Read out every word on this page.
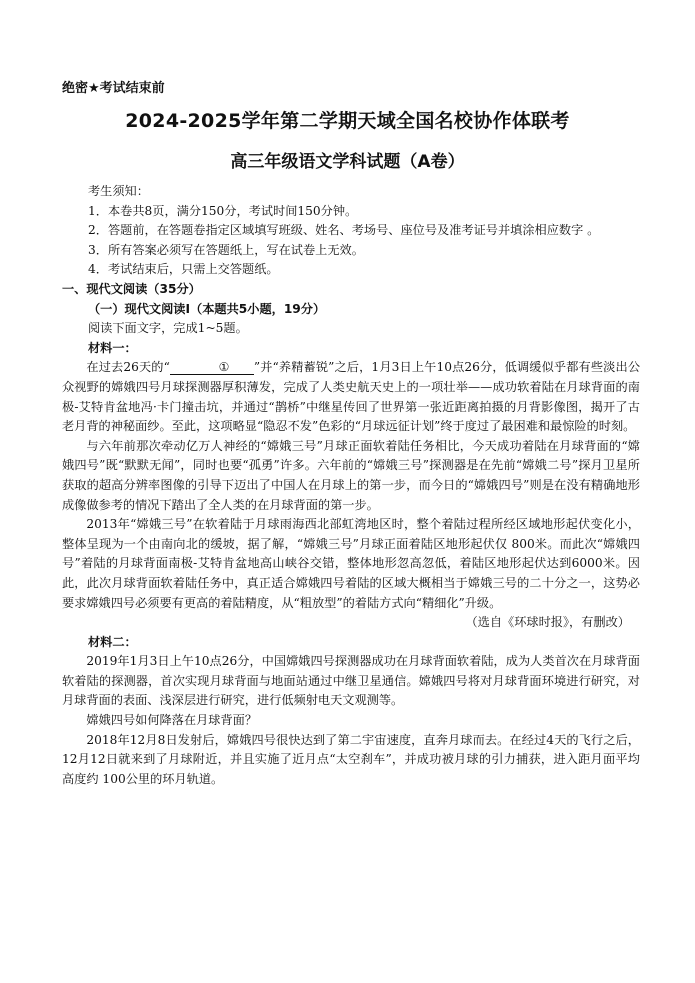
绝密★考试结束前
2024-2025学年第二学期天域全国名校协作体联考
高三年级语文学科试题（A卷）

考生须知：

1．本卷共8页，满分150分，考试时间150分钟。

2．答题前，在答题卷指定区域填写班级、姓名、考场号、座位号及准考证号并填涂相应数字 。

3．所有答案必须写在答题纸上，写在试卷上无效。

4．考试结束后，只需上交答题纸。

一、现代文阅读（35分）

（一）现代文阅读Ⅰ（本题共5小题，19分）

阅读下面文字，完成1~5题。

材料一：

在过去26天的“	① ”并“养精蓄锐”之后，1月3日上午10点26分，低调缓似乎都有些淡出公众视野的嫦娥四号月球探测器厚积薄发，完成了人类史航天史上的一项壮举——成功软着陆在月球背面的南极-艾特肯盆地冯·卡门撞击坑，并通过“鹊桥”中继星传回了世界第一张近距离拍摄的月背影像图，揭开了古老月背的神秘面纱。至此，这项略显“隐忍不发”色彩的“月球远征计划”终于度过了最困难和最惊险的时刻。

与六年前那次牵动亿万人神经的“嫦娥三号”月球正面软着陆任务相比，今天成功着陆在月球背面的“嫦娥四号”既“默默无闻”，同时也要“孤勇”许多。六年前的“嫦娥三号”探测器是在先前“嫦娥二号”探月卫星所获取的超高分辨率图像的引导下迈出了中国人在月球上的第一步，而今日的“嫦娥四号”则是在没有精确地形成像做参考的情况下踏出了全人类的在月球背面的第一步。

2013年“嫦娥三号”在软着陆于月球雨海西北部虹湾地区时，整个着陆过程所经区域地形起伏变化小，整体呈现为一个由南向北的缓坡，据了解，“嫦娥三号”月球正面着陆区地形起伏仅 800米。而此次“嫦娥四号”着陆的月球背面南极-艾特肯盆地高山峡谷交错，整体地形忽高忽低，着陆区地形起伏达到6000米。因此，此次月球背面软着陆任务中，真正适合嫦娥四号着陆的区域大概相当于嫦娥三号的二十分之一，这势必要求嫦娥四号必须要有更高的着陆精度，从“粗放型”的着陆方式向“精细化”升级。

（选自《环球时报》，有删改）

材料二：

2019年1月3日上午10点26分，中国嫦娥四号探测器成功在月球背面软着陆，成为人类首次在月球背面软着陆的探测器，首次实现月球背面与地面站通过中继卫星通信。嫦娥四号将对月球背面环境进行研究，对月球背面的表面、浅深层进行研究，进行低频射电天文观测等。

嫦娥四号如何降落在月球背面？

2018年12月8日发射后，嫦娥四号很快达到了第二宇宙速度，直奔月球而去。在经过4天的飞行之后，12月12日就来到了月球附近，并且实施了近月点“太空刹车”，并成功被月球的引力捕获，进入距月面平均高度约 100公里的环月轨道。
